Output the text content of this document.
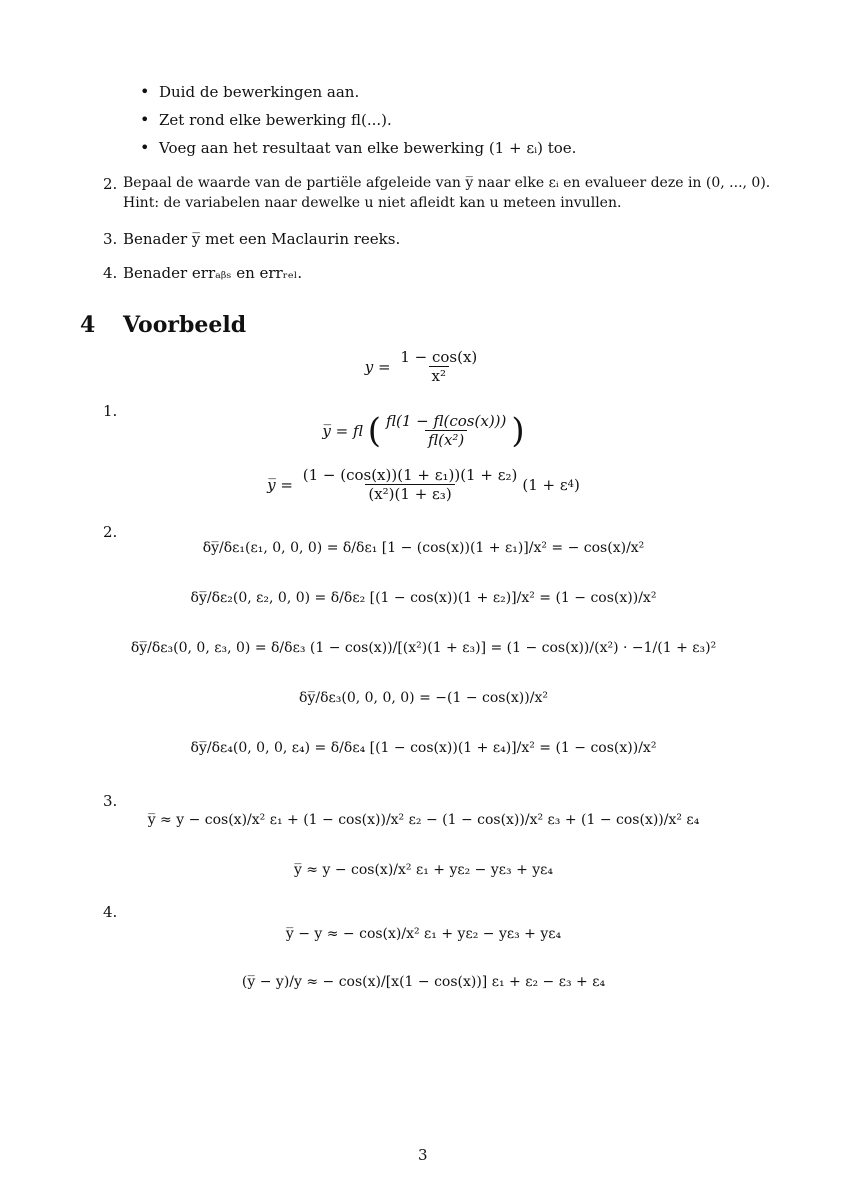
• Duid de bewerkingen aan.
• Zet rond elke bewerking fl(...).
• Voeg aan het resultaat van elke bewerking (1 + εᵢ) toe.
2. Bepaal de waarde van de partiële afgeleide van y̅ naar elke εᵢ en evalueer deze in (0, ..., 0).
Hint: de variabelen naar dewelke u niet afleidt kan u meteen invullen.
3. Benader y̅ met een Maclaurin reeks.
4. Benader errₐᵦₛ en errᵣₑₗ.
4 Voorbeeld
$y = \frac{1 - \cos(x)}{\text{x²}}$
1.
2.
3.
4.
y̅ = fl
( $\frac{fl(1 - fl(\cos(x)))}{\text{fl(x²)}}$ )
y̅ = $\frac{\text{(1 − (cos(x))(1 + ε₁))(1 + ε₂)}}{\text{(x²)(1 + ε₃)}} (1 + \varepsilon$ 4 )
δy̅/δε₁(ε₁, 0, 0, 0) = δ/δε₁ [1 − (cos(x))(1 + ε₁)]/x² = − cos(x)/x²
δy̅/δε₂(0, ε₂, 0, 0) = δ/δε₂ [(1 − cos(x))(1 + ε₂)]/x² = (1 − cos(x))/x²
δy̅/δε₃(0, 0, ε₃, 0) = δ/δε₃ (1 − cos(x))/[(x²)(1 + ε₃)] = (1 − cos(x))/(x²) · −1/(1 + ε₃)²
δy̅/δε₃(0, 0, 0, 0) = −(1 − cos(x))/x²
δy̅/δε₄(0, 0, 0, ε₄) = δ/δε₄ [(1 − cos(x))(1 + ε₄)]/x² = (1 − cos(x))/x²
y̅ ≈ y − cos(x)/x² ε₁ + (1 − cos(x))/x² ε₂ − (1 − cos(x))/x² ε₃ + (1 − cos(x))/x² ε₄
y̅ ≈ y − cos(x)/x² ε₁ + yε₂ − yε₃ + yε₄
y̅ − y ≈ − cos(x)/x² ε₁ + yε₂ − yε₃ + yε₄
(y̅ − y)/y ≈ − cos(x)/[x(1 − cos(x))] ε₁ + ε₂ − ε₃ + ε₄
3
